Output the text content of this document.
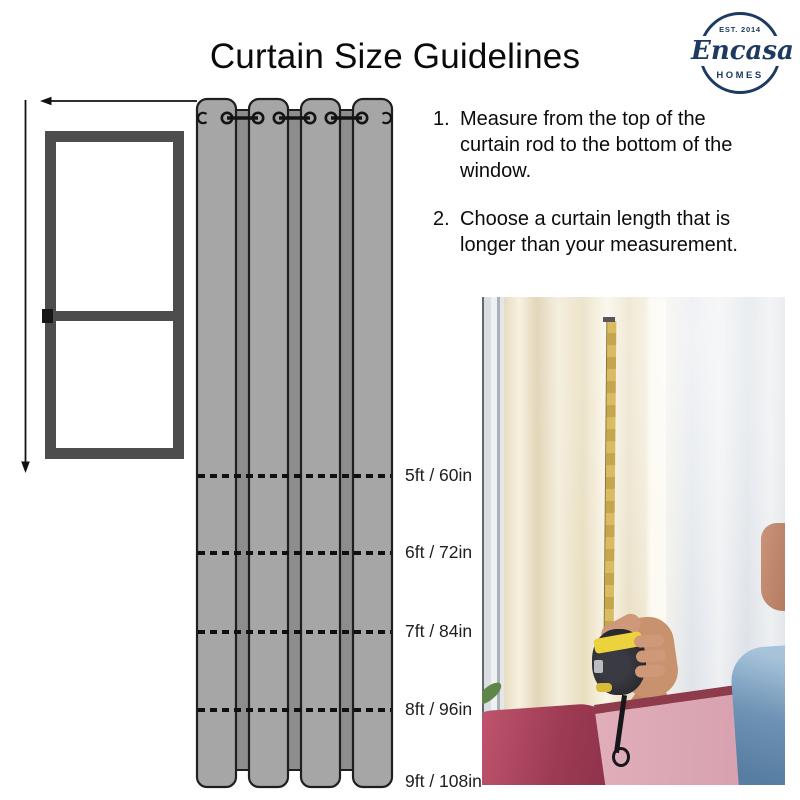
Curtain Size Guidelines
EST. 2014
Encasa
HOMES
5ft / 60in
6ft / 72in
7ft / 84in
8ft / 96in
9ft / 108in
1. Measure from the top of the curtain rod to the bottom of the window.
2. Choose a curtain length that is longer than your measurement.
